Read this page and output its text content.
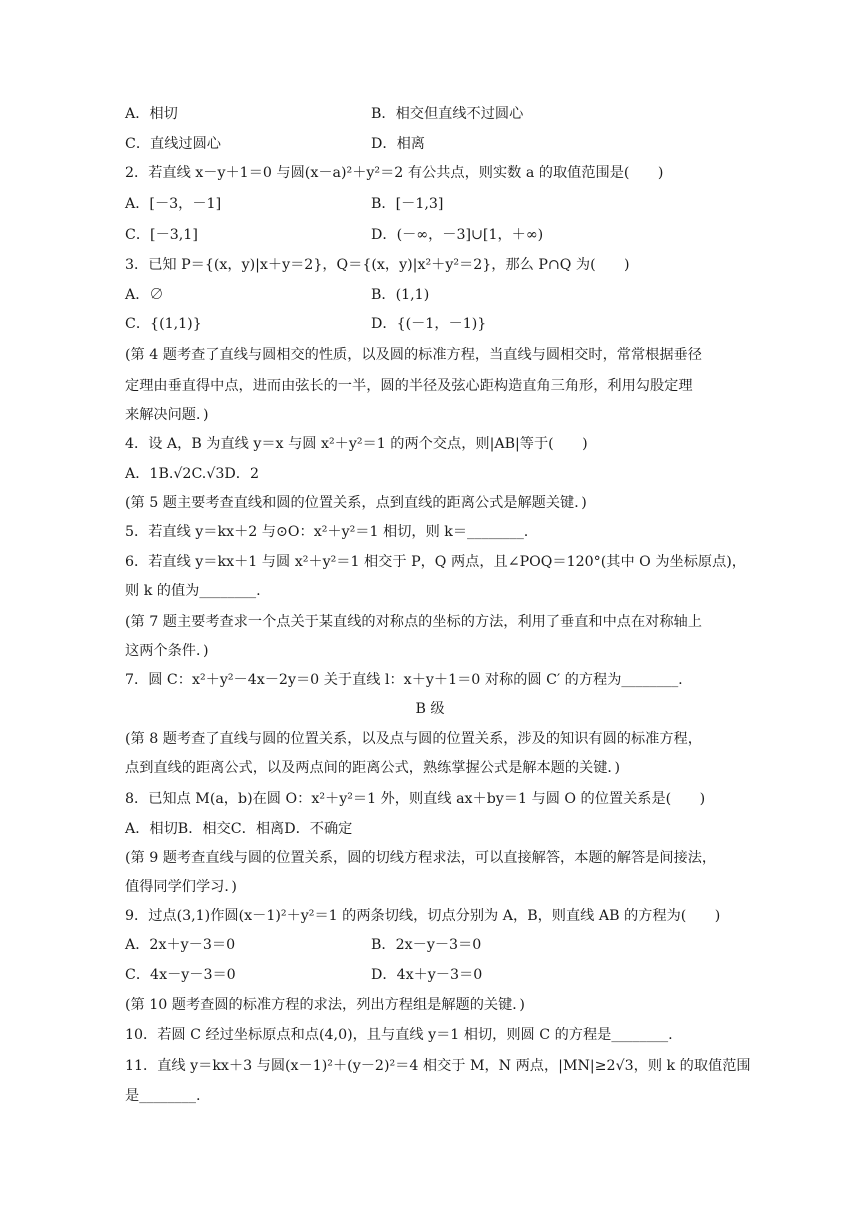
A．相切	B．相交但直线不过圆心
C．直线过圆心	D．相离
2．若直线 x－y＋1＝0 与圆(x－a)²＋y²＝2 有公共点，则实数 a 的取值范围是(　　)
A．[－3，－1]	B．[－1,3]
C．[－3,1]	D．(－∞，－3]∪[1，＋∞)
3．已知 P＝{(x，y)|x＋y＝2}，Q＝{(x，y)|x²＋y²＝2}，那么 P∩Q 为(　　)
A．∅	B．(1,1)
C．{(1,1)}	D．{(－1，－1)}
(第 4 题考查了直线与圆相交的性质，以及圆的标准方程，当直线与圆相交时，常常根据垂径
定理由垂直得中点，进而由弦长的一半，圆的半径及弦心距构造直角三角形，利用勾股定理
来解决问题．)
4．设 A，B 为直线 y＝x 与圆 x²＋y²＝1 的两个交点，则|AB|等于(　　)
A．1B.√2C.√3D．2
(第 5 题主要考查直线和圆的位置关系，点到直线的距离公式是解题关键．)
5．若直线 y＝kx＋2 与⊙O：x²＋y²＝1 相切，则 k＝________.
6．若直线 y＝kx＋1 与圆 x²＋y²＝1 相交于 P，Q 两点，且∠POQ＝120°(其中 O 为坐标原点)，
则 k 的值为________.
(第 7 题主要考查求一个点关于某直线的对称点的坐标的方法，利用了垂直和中点在对称轴上
这两个条件．)
7．圆 C：x²＋y²－4x－2y＝0 关于直线 l：x＋y＋1＝0 对称的圆 C′ 的方程为________.
B 级
(第 8 题考查了直线与圆的位置关系，以及点与圆的位置关系，涉及的知识有圆的标准方程，
点到直线的距离公式，以及两点间的距离公式，熟练掌握公式是解本题的关键．)
8．已知点 M(a，b)在圆 O：x²＋y²＝1 外，则直线 ax＋by＝1 与圆 O 的位置关系是(　　)
A．相切B．相交C．相离D．不确定
(第 9 题考查直线与圆的位置关系，圆的切线方程求法，可以直接解答，本题的解答是间接法，
值得同学们学习．)
9．过点(3,1)作圆(x－1)²＋y²＝1 的两条切线，切点分别为 A，B，则直线 AB 的方程为(　　)
A．2x＋y－3＝0	B．2x－y－3＝0
C．4x－y－3＝0	D．4x＋y－3＝0
(第 10 题考查圆的标准方程的求法，列出方程组是解题的关键．)
10．若圆 C 经过坐标原点和点(4,0)，且与直线 y＝1 相切，则圆 C 的方程是________.
11．直线 y＝kx＋3 与圆(x－1)²＋(y－2)²＝4 相交于 M，N 两点，|MN|≥2√3，则 k 的取值范围
是________.
